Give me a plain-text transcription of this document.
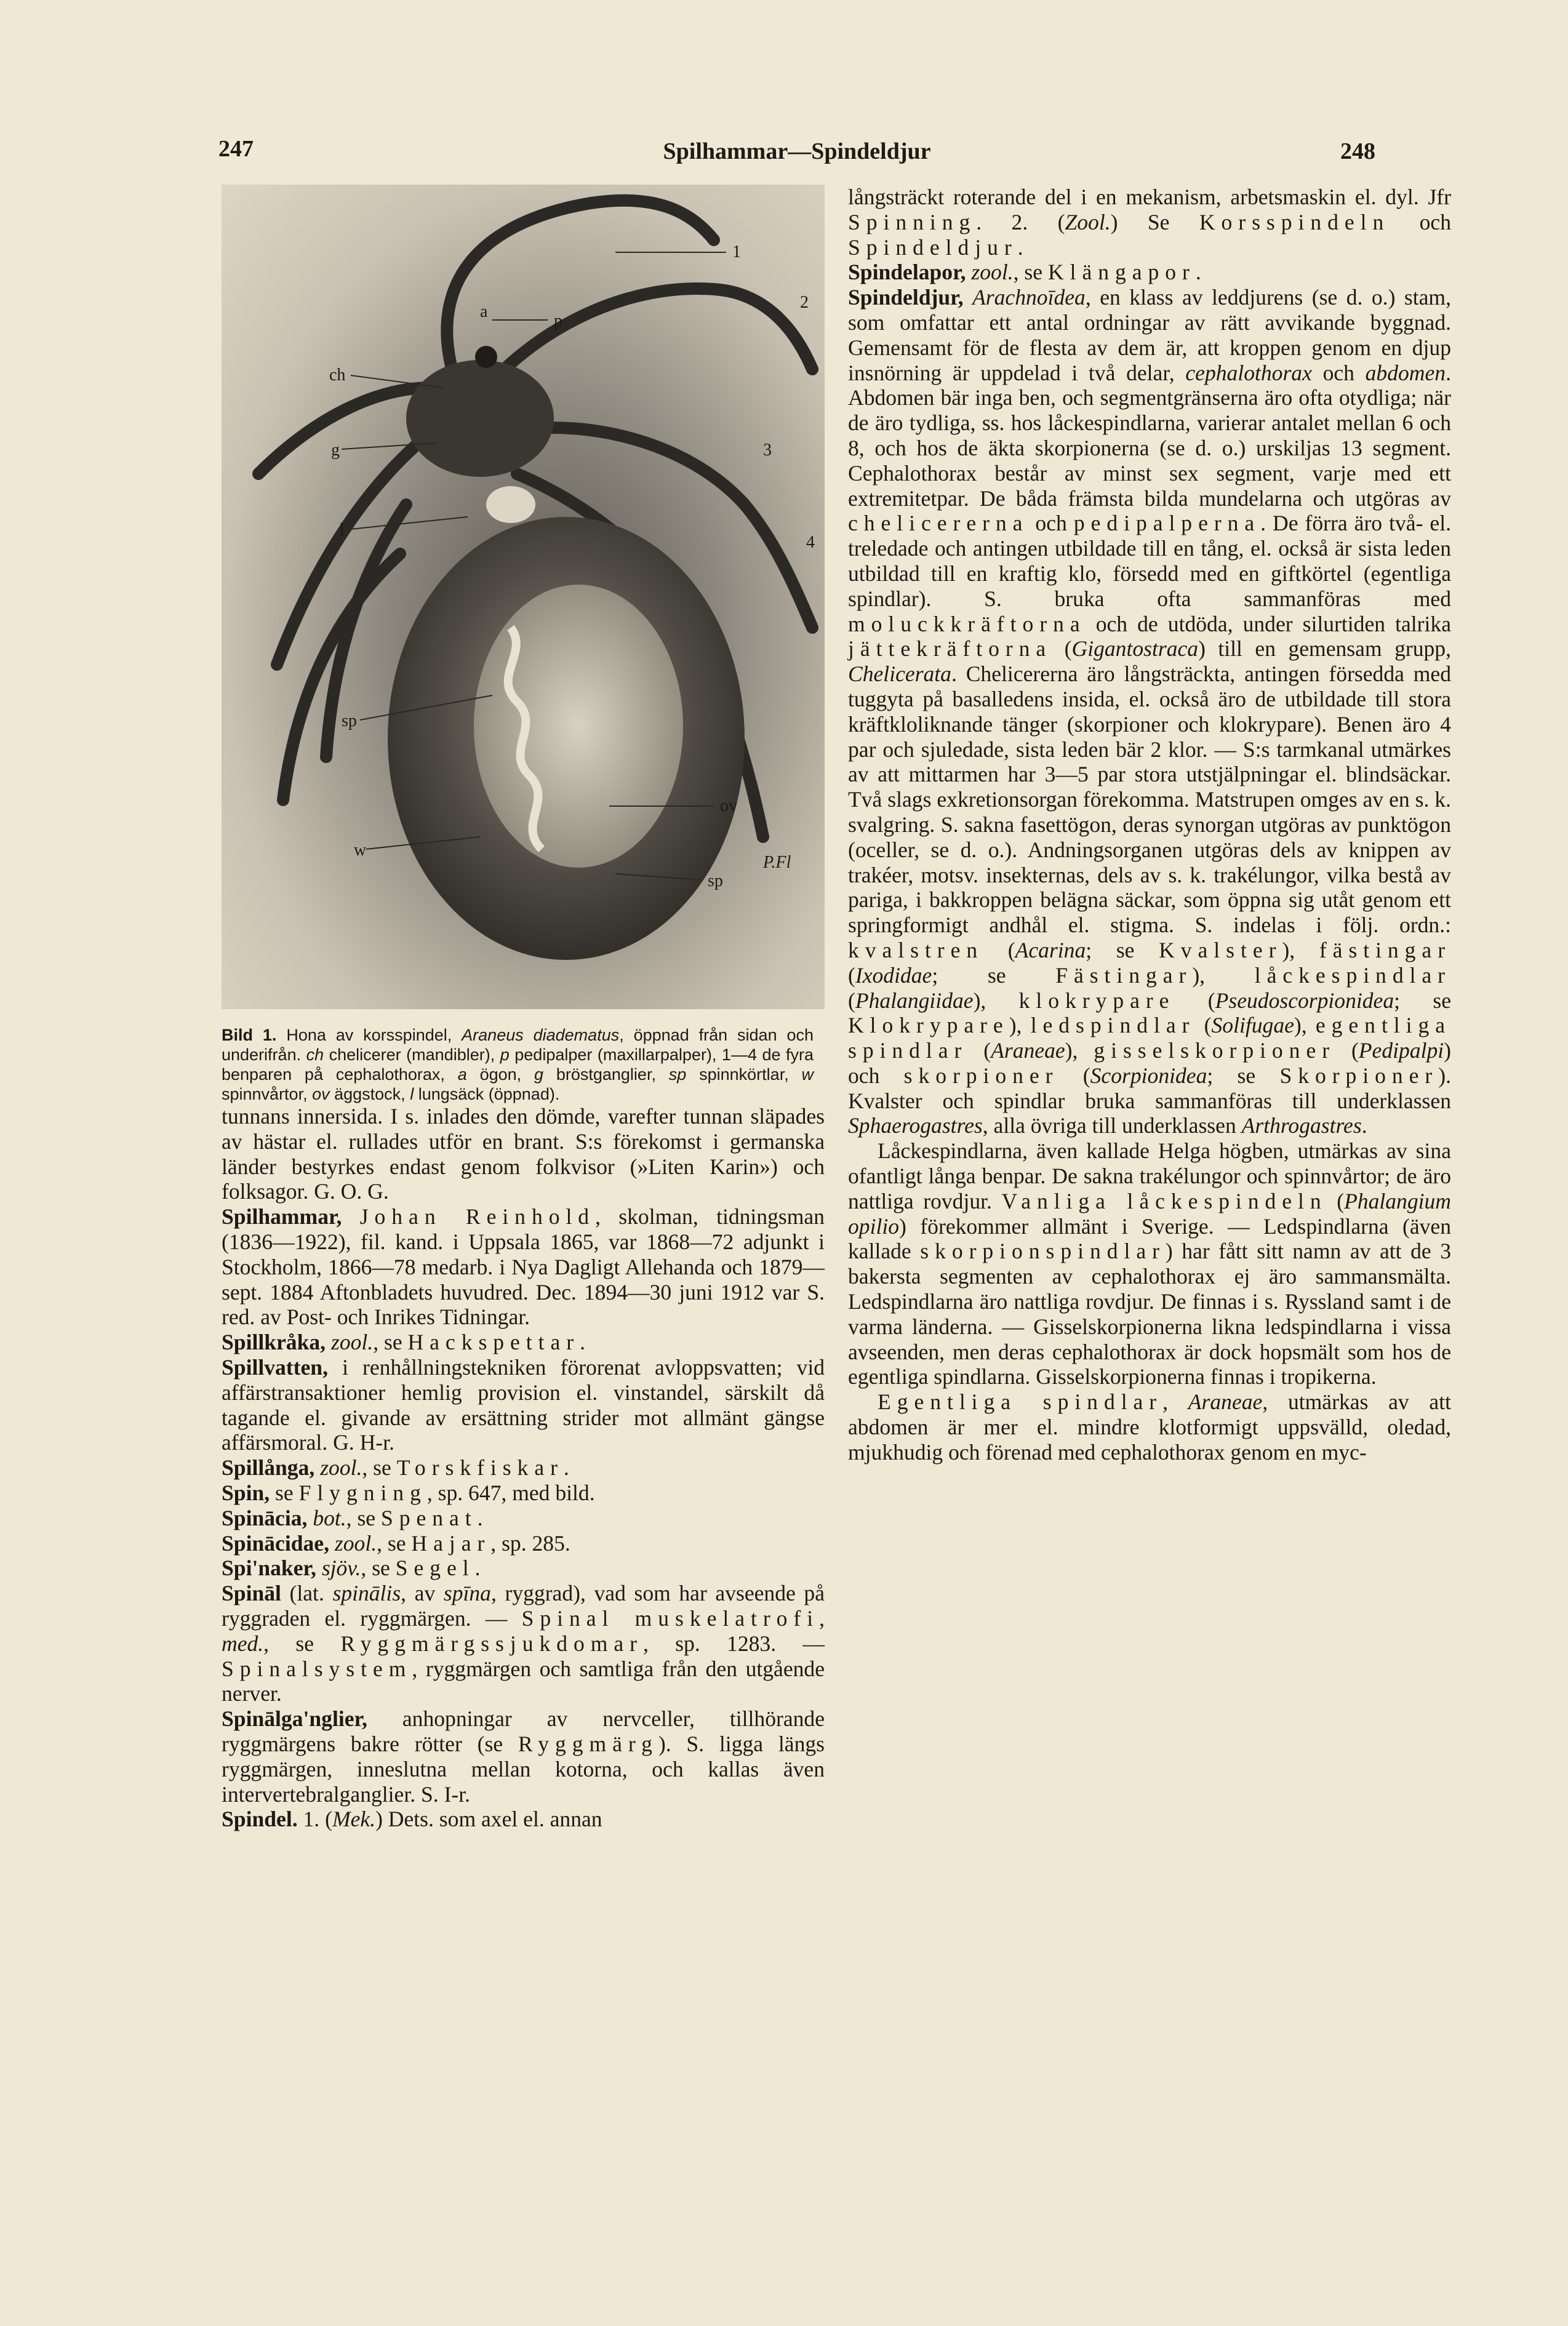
247	Spilhammar—Spindeldjur	248
ch
a	p
g
l
sp
w
ov
sp
1
2
3
4
P.Fl

Bild 1. Hona av korsspindel, Araneus diadematus, öppnad från sidan och underifrån. ch chelicerer (mandibler), p pedipalper (maxillarpalper), 1—4 de fyra benparen på cephalothorax, a ögon, g bröstganglier, sp spinnkörtlar, w spinnvårtor, ov äggstock, l lungsäck (öppnad).

tunnans innersida. I s. inlades den dömde, varefter tunnan släpades av hästar el. rullades utför en brant. S:s förekomst i germanska länder bestyrkes endast genom folkvisor (»Liten Karin») och folksagor. G. O. G.

Spilhammar, Johan Reinhold, skolman, tidningsman (1836—1922), fil. kand. i Uppsala 1865, var 1868—72 adjunkt i Stockholm, 1866—78 medarb. i Nya Dagligt Allehanda och 1879—sept. 1884 Aftonbladets huvudred. Dec. 1894—30 juni 1912 var S. red. av Post- och Inrikes Tidningar.

Spillkråka, zool., se Hackspettar.

Spillvatten, i renhållningstekniken förorenat avloppsvatten; vid affärstransaktioner hemlig provision el. vinstandel, särskilt då tagande el. givande av ersättning strider mot allmänt gängse affärsmoral. G. H-r.

Spillånga, zool., se Torskfiskar.

Spin, se Flygning, sp. 647, med bild.

Spinācia, bot., se Spenat.

Spinācidae, zool., se Hajar, sp. 285.

Spi'naker, sjöv., se Segel.

Spināl (lat. spinālis, av spīna, ryggrad), vad som har avseende på ryggraden el. ryggmärgen. — Spinal muskelatrofi, med., se Ryggmärgssjukdomar, sp. 1283. — Spinalsystem, ryggmärgen och samtliga från den utgående nerver.

Spinālga'nglier, anhopningar av nervceller, tillhörande ryggmärgens bakre rötter (se Ryggmärg). S. ligga längs ryggmärgen, inneslutna mellan kotorna, och kallas även intervertebralganglier. S. I-r.

Spindel. 1. (Mek.) Dets. som axel el. annan

långsträckt roterande del i en mekanism, arbetsmaskin el. dyl. Jfr Spinning. 2. (Zool.) Se Korsspindeln och Spindeldjur.

Spindelapor, zool., se Klängapor.

Spindeldjur, Arachnoīdea, en klass av leddjurens (se d. o.) stam, som omfattar ett antal ordningar av rätt avvikande byggnad. Gemensamt för de flesta av dem är, att kroppen genom en djup insnörning är uppdelad i två delar, cephalothorax och abdomen. Abdomen bär inga ben, och segmentgränserna äro ofta otydliga; när de äro tydliga, ss. hos låckespindlarna, varierar antalet mellan 6 och 8, och hos de äkta skorpionerna (se d. o.) urskiljas 13 segment. Cephalothorax består av minst sex segment, varje med ett extremitetpar. De båda främsta bilda mundelarna och utgöras av chelicererna och pedipalperna. De förra äro två- el. treledade och antingen utbildade till en tång, el. också är sista leden utbildad till en kraftig klo, försedd med en giftkörtel (egentliga spindlar). S. bruka ofta sammanföras med moluckkräftorna och de utdöda, under silurtiden talrika jättekräftorna (Gigantostraca) till en gemensam grupp, Chelicerata. Chelicererna äro långsträckta, antingen försedda med tuggyta på basalledens insida, el. också äro de utbildade till stora kräftkloliknande tänger (skorpioner och klokrypare). Benen äro 4 par och sjuledade, sista leden bär 2 klor. — S:s tarmkanal utmärkes av att mittarmen har 3—5 par stora utstjälpningar el. blindsäckar. Två slags exkretionsorgan förekomma. Matstrupen omges av en s. k. svalgring. S. sakna fasettögon, deras synorgan utgöras av punktögon (oceller, se d. o.). Andningsorganen utgöras dels av knippen av trakéer, motsv. insekternas, dels av s. k. trakélungor, vilka bestå av pariga, i bakkroppen belägna säckar, som öppna sig utåt genom ett springformigt andhål el. stigma. S. indelas i följ. ordn.: kvalstren (Acarina; se Kvalster), fästingar (Ixodidae; se Fästingar), låckespindlar (Phalangiidae), klokrypare (Pseudoscorpionidea; se Klokrypare), ledspindlar (Solifugae), egentliga spindlar (Araneae), gisselskorpioner (Pedipalpi) och skorpioner (Scorpionidea; se Skorpioner). Kvalster och spindlar bruka sammanföras till underklassen Sphaerogastres, alla övriga till underklassen Arthrogastres.

Låckespindlarna, även kallade Helga högben, utmärkas av sina ofantligt långa benpar. De sakna trakélungor och spinnvårtor; de äro nattliga rovdjur. Vanliga låckespindeln (Phalangium opilio) förekommer allmänt i Sverige. — Ledspindlarna (även kallade skorpionspindlar) har fått sitt namn av att de 3 bakersta segmenten av cephalothorax ej äro sammansmälta. Ledspindlarna äro nattliga rovdjur. De finnas i s. Ryssland samt i de varma länderna. — Gisselskorpionerna likna ledspindlarna i vissa avseenden, men deras cephalothorax är dock hopsmält som hos de egentliga spindlarna. Gisselskorpionerna finnas i tropikerna.

Egentliga spindlar, Araneae, utmärkas av att abdomen är mer el. mindre klotformigt uppsvälld, oledad, mjukhudig och förenad med cephalothorax genom en myc-
